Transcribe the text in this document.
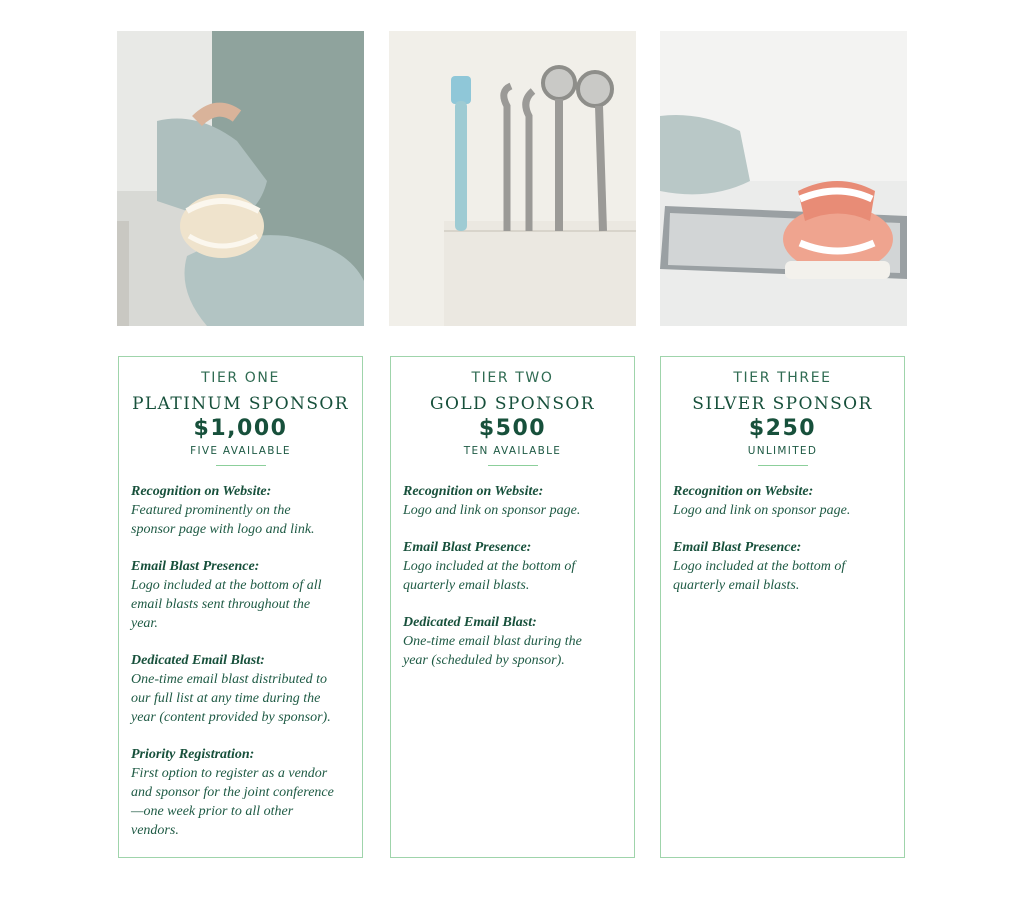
TIER ONE
PLATINUM SPONSOR
$1,000
FIVE AVAILABLE
Recognition on Website:
Featured prominently on the
sponsor page with logo and link.
Email Blast Presence:
Logo included at the bottom of all
email blasts sent throughout the
year.
Dedicated Email Blast:
One-time email blast distributed to
our full list at any time during the
year (content provided by sponsor).
Priority Registration:
First option to register as a vendor
and sponsor for the joint conference
—one week prior to all other
vendors.
TIER TWO
GOLD SPONSOR
$500
TEN AVAILABLE
Recognition on Website:
Logo and link on sponsor page.
Email Blast Presence:
Logo included at the bottom of
quarterly email blasts.
Dedicated Email Blast:
One-time email blast during the
year (scheduled by sponsor).
TIER THREE
SILVER SPONSOR
$250
UNLIMITED
Recognition on Website:
Logo and link on sponsor page.
Email Blast Presence:
Logo included at the bottom of
quarterly email blasts.
